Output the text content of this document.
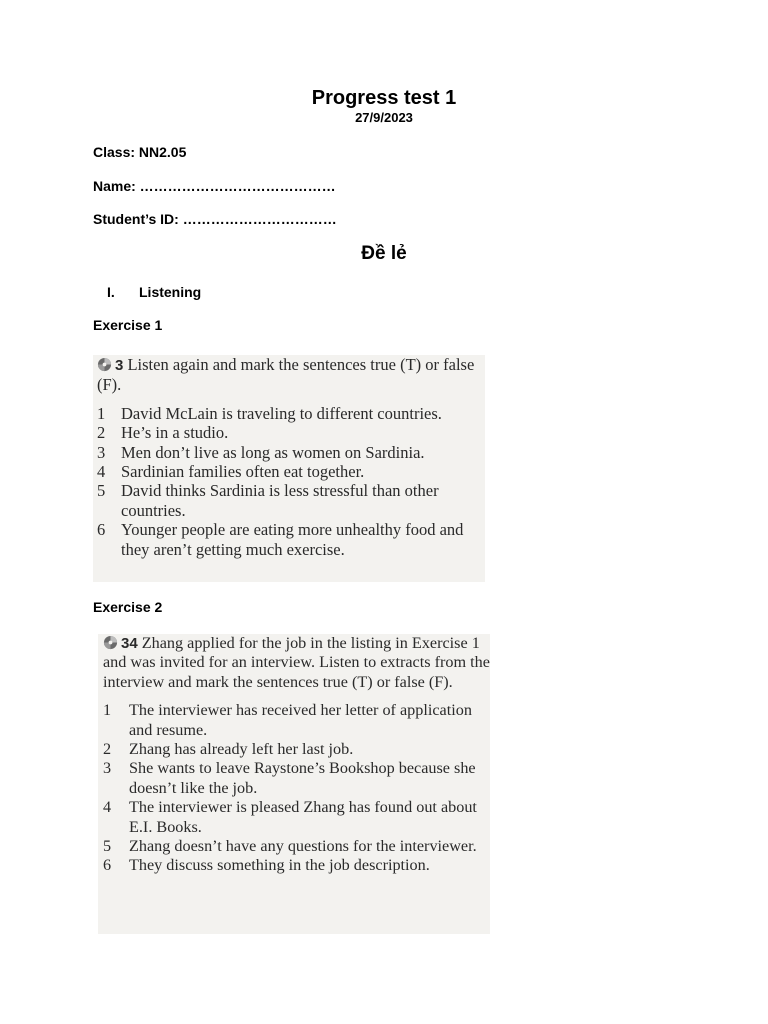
Progress test 1
27/9/2023
Class: NN2.05
Name: ……………………………………
Student’s ID: ……………………………
Đề lẻ
I. Listening
Exercise 1

3 Listen again and mark the sentences true (T) or false (F).

1 David McLain is traveling to different countries.
2 He’s in a studio.
3 Men don’t live as long as women on Sardinia.
4 Sardinian families often eat together.
5 David thinks Sardinia is less stressful than other countries.
6 Younger people are eating more unhealthy food and they aren’t getting much exercise.
Exercise 2

34 Zhang applied for the job in the listing in Exercise 1 and was invited for an interview. Listen to extracts from the interview and mark the sentences true (T) or false (F).

1 The interviewer has received her letter of application and resume.
2 Zhang has already left her last job.
3 She wants to leave Raystone’s Bookshop because she doesn’t like the job.
4 The interviewer is pleased Zhang has found out about E.I. Books.
5 Zhang doesn’t have any questions for the interviewer.
6 They discuss something in the job description.
